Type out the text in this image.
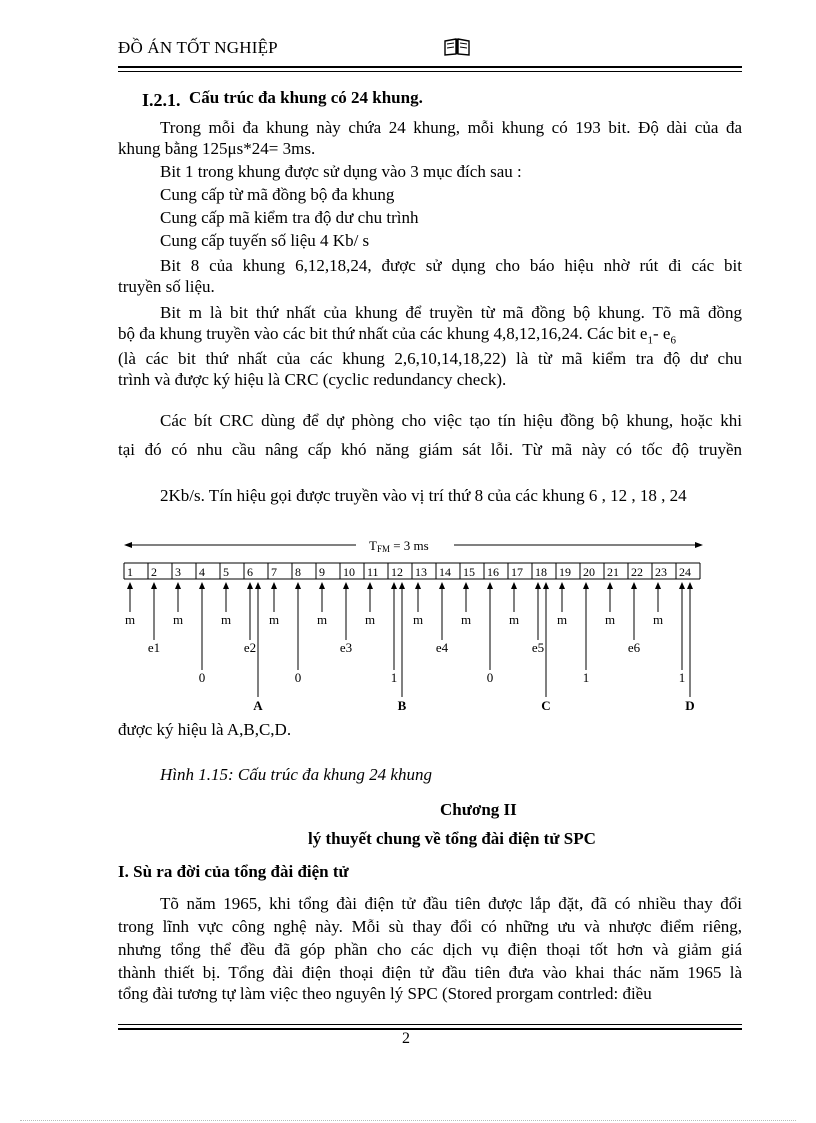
ĐỒ ÁN TỐT NGHIỆP
I.2.1. Cấu trúc đa khung có 24 khung.
Trong mỗi đa khung này chứa 24 khung, mỗi khung có 193 bit. Độ dài của đa
khung bằng 125μs*24= 3ms.
Bit 1 trong khung được sử dụng vào 3 mục đích sau :
Cung cấp từ mã đồng bộ đa khung
Cung cấp mã kiểm tra độ dư chu trình
Cung cấp tuyến số liệu 4 Kb/ s
Bit 8 của khung 6,12,18,24, được sử dụng cho báo hiệu nhờ rút đi các bit
truyền số liệu.
Bit m là bit thứ nhất của khung để truyền từ mã đồng bộ khung. Tõ mã đồng
bộ đa khung truyền vào các bit thứ nhất của các khung 4,8,12,16,24. Các bit $e_1-$ $e_6$
(là các bit thứ nhất của các khung 2,6,10,14,18,22) là từ mã kiểm tra độ dư chu
trình và được ký hiệu là CRC (cyclic redundancy check).
Các bít CRC dùng để dự phòng cho việc tạo tín hiệu đồng bộ khung, hoặc khi
tại đó có nhu cầu nâng cấp khó năng giám sát lỗi. Từ mã này có tốc độ truyền
2Kb/s. Tín hiệu gọi được truyền vào vị trí thứ 8 của các khung 6 , 12 , 18 , 24
TFM = 3 ms
1 2 3 4 5 6 7 8 9 10 11 12 13 14 15 16 17 18 19 20 21 22 23 24
m
e1
m
0
m
e2
A
m
0
m
e3
m
1
B
m
e4
m
0
m
e5
C
m
1
m
e6
m
1
D
được ký hiệu là A,B,C,D.
Hình 1.15: Cấu trúc đa khung 24 khung
Chương II
lý thuyết chung về tổng đài điện tử SPC
I. Sù ra đời của tổng đài điện tử
Tõ năm 1965, khi tổng đài điện tử đầu tiên được lắp đặt, đã có nhiều thay đổi
trong lĩnh vực công nghệ này. Mỗi sù thay đổi có những ưu và nhược điểm riêng,
nhưng tổng thể đều đã góp phần cho các dịch vụ điện thoại tốt hơn và giảm giá
thành thiết bị. Tổng đài điện thoại điện tử đầu tiên đưa vào khai thác năm 1965 là
tổng đài tương tự làm việc theo nguyên lý SPC (Stored prorgam contrled: điều
2
